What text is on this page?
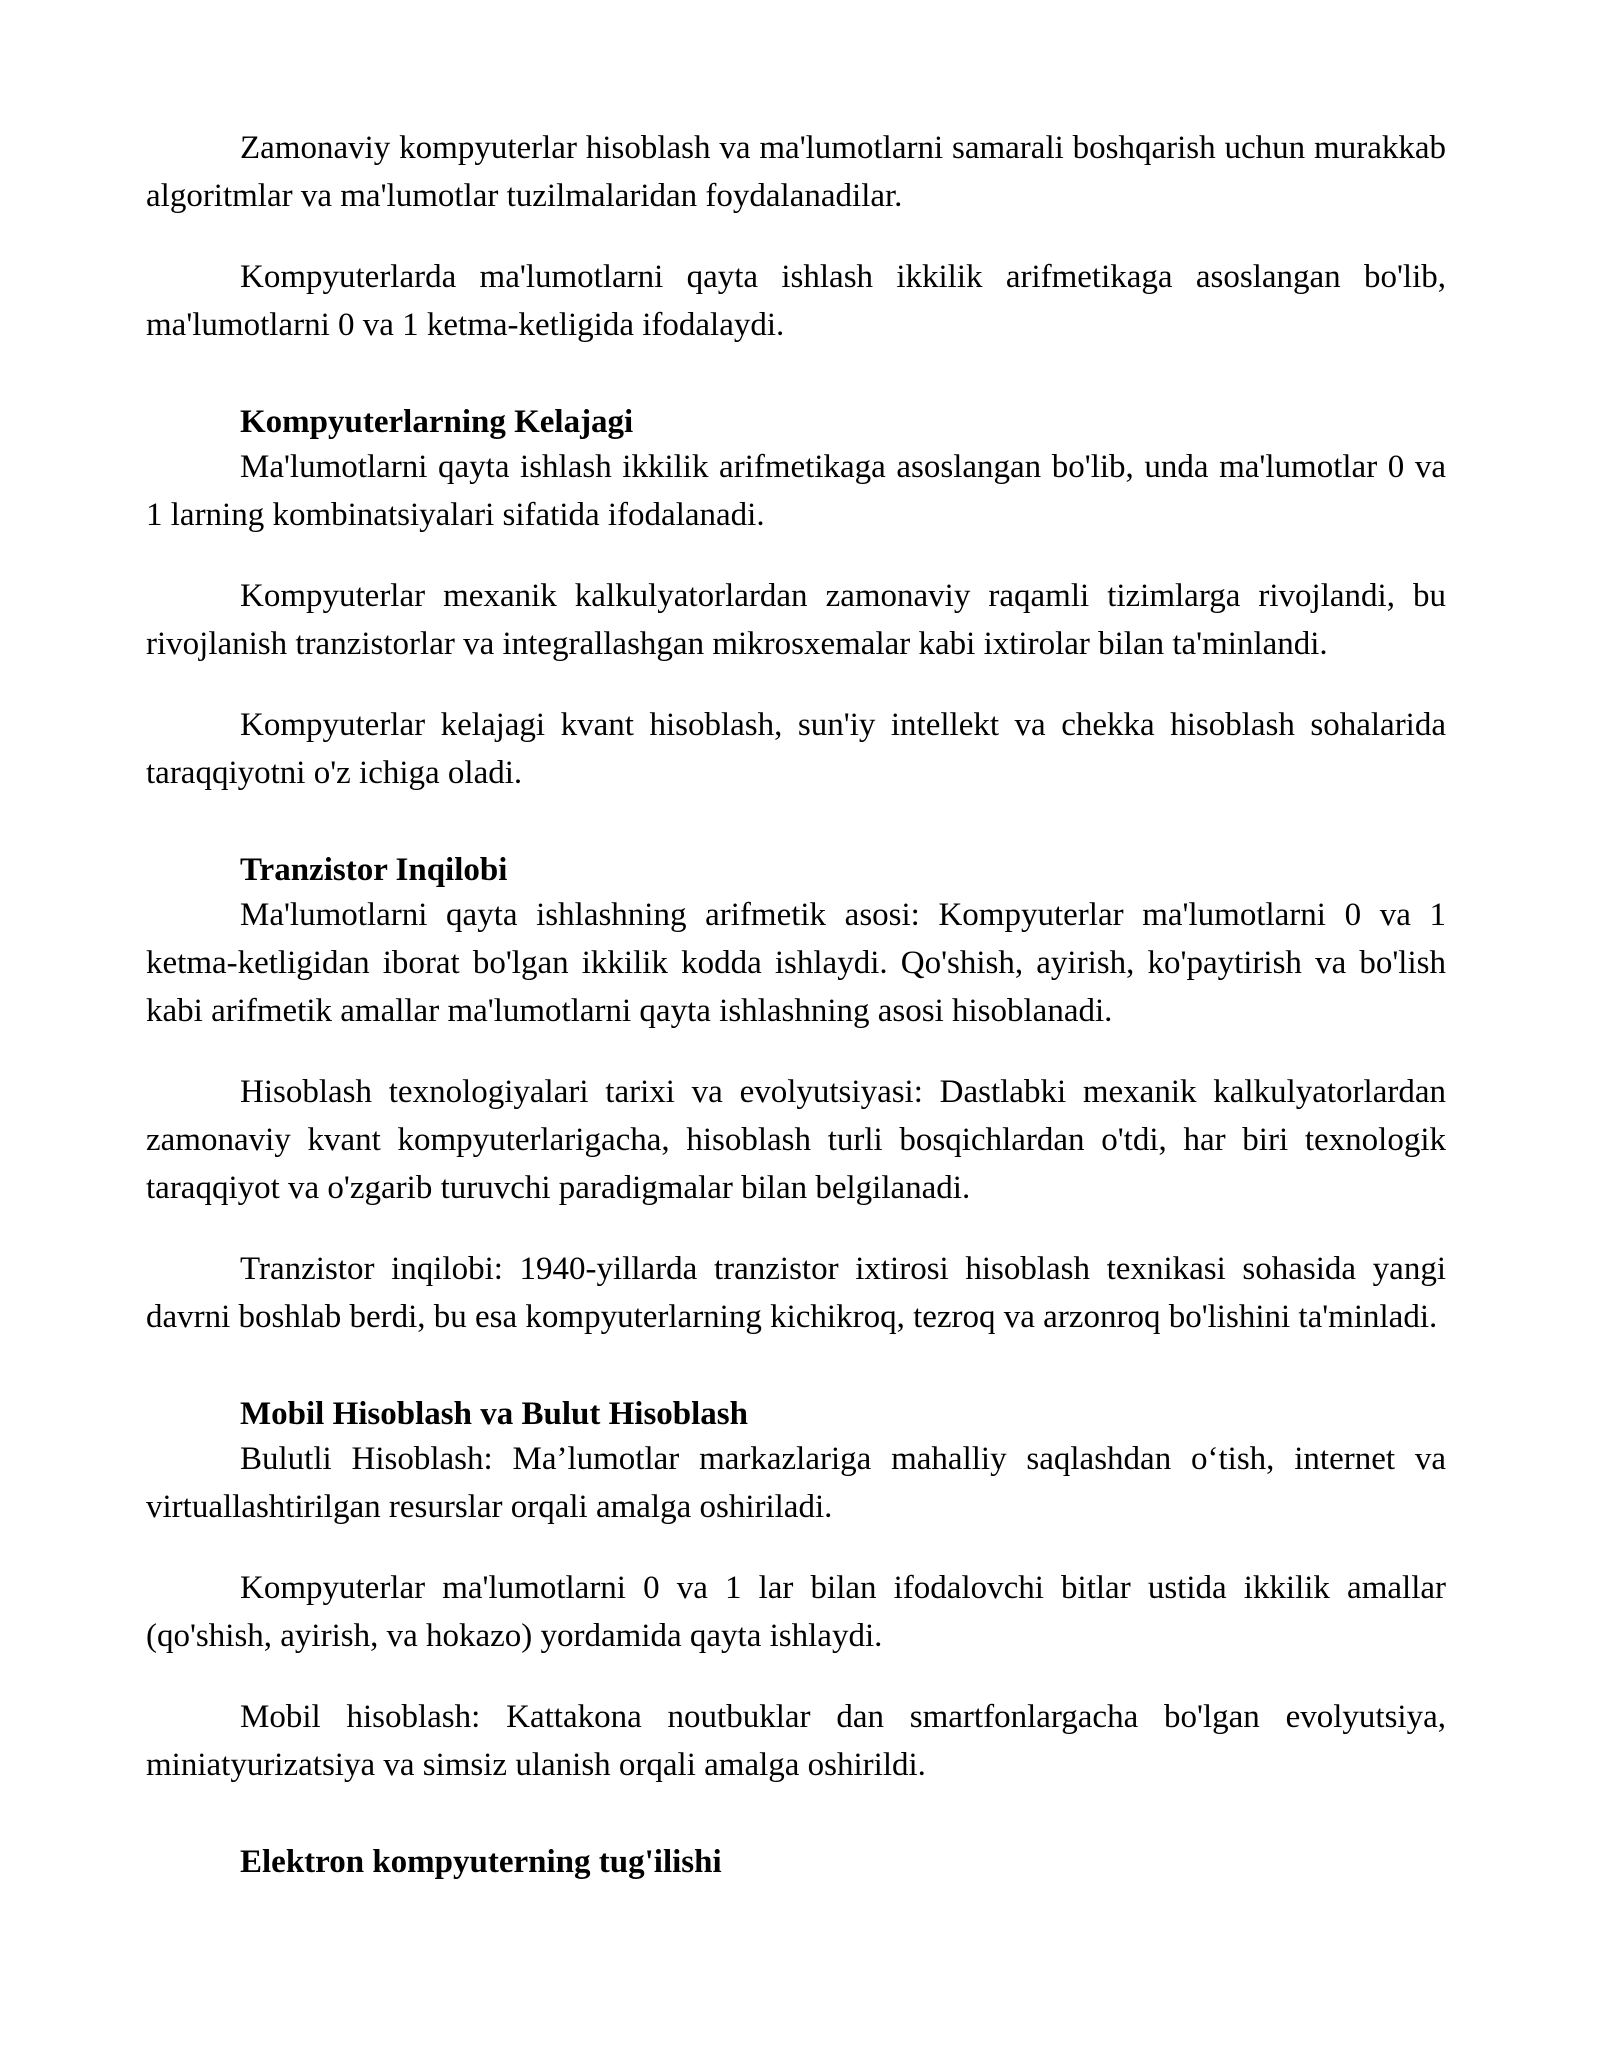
Zamonaviy kompyuterlar hisoblash va ma'lumotlarni samarali boshqarish uchun murakkab algoritmlar va ma'lumotlar tuzilmalaridan foydalanadilar.

Kompyuterlarda ma'lumotlarni qayta ishlash ikkilik arifmetikaga asoslangan bo'lib, ma'lumotlarni 0 va 1 ketma-ketligida ifodalaydi.

Kompyuterlarning Kelajagi

Ma'lumotlarni qayta ishlash ikkilik arifmetikaga asoslangan bo'lib, unda ma'lumotlar 0 va 1 larning kombinatsiyalari sifatida ifodalanadi.

Kompyuterlar mexanik kalkulyatorlardan zamonaviy raqamli tizimlarga rivojlandi, bu rivojlanish tranzistorlar va integrallashgan mikrosxemalar kabi ixtirolar bilan ta'minlandi.

Kompyuterlar kelajagi kvant hisoblash, sun'iy intellekt va chekka hisoblash sohalarida taraqqiyotni o'z ichiga oladi.

Tranzistor Inqilobi

Ma'lumotlarni qayta ishlashning arifmetik asosi: Kompyuterlar ma'lumotlarni 0 va 1 ketma-ketligidan iborat bo'lgan ikkilik kodda ishlaydi. Qo'shish, ayirish, ko'paytirish va bo'lish kabi arifmetik amallar ma'lumotlarni qayta ishlashning asosi hisoblanadi.

Hisoblash texnologiyalari tarixi va evolyutsiyasi: Dastlabki mexanik kalkulyatorlardan zamonaviy kvant kompyuterlarigacha, hisoblash turli bosqichlardan o'tdi, har biri texnologik taraqqiyot va o'zgarib turuvchi paradigmalar bilan belgilanadi.

Tranzistor inqilobi: 1940-yillarda tranzistor ixtirosi hisoblash texnikasi sohasida yangi davrni boshlab berdi, bu esa kompyuterlarning kichikroq, tezroq va arzonroq bo'lishini ta'minladi.

Mobil Hisoblash va Bulut Hisoblash

Bulutli Hisoblash: Ma’lumotlar markazlariga mahalliy saqlashdan o‘tish, internet va virtuallashtirilgan resurslar orqali amalga oshiriladi.

Kompyuterlar ma'lumotlarni 0 va 1 lar bilan ifodalovchi bitlar ustida ikkilik amallar (qo'shish, ayirish, va hokazo) yordamida qayta ishlaydi.

Mobil hisoblash: Kattakona noutbuklar dan smartfonlargacha bo'lgan evolyutsiya, miniatyurizatsiya va simsiz ulanish orqali amalga oshirildi.

Elektron kompyuterning tug'ilishi
